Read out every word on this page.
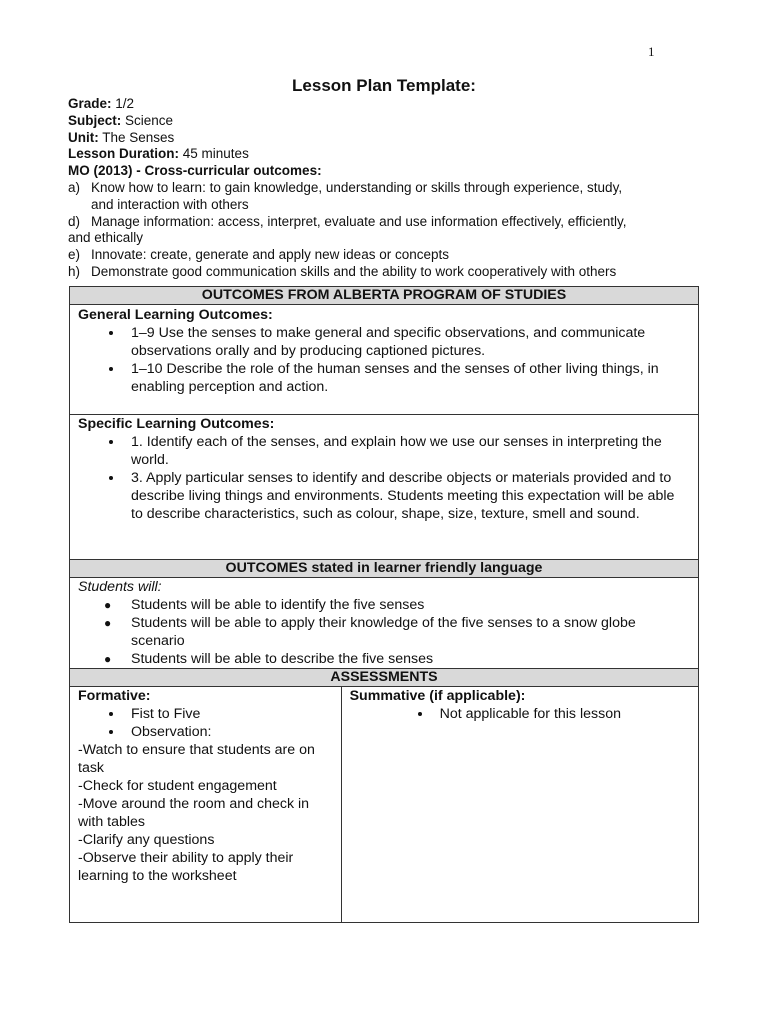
1
Lesson Plan Template:
Grade: 1/2
Subject: Science
Unit: The Senses
Lesson Duration: 45 minutes
MO (2013) - Cross-curricular outcomes:
a) Know how to learn: to gain knowledge, understanding or skills through experience, study,
and interaction with others
d) Manage information: access, interpret, evaluate and use information effectively, efficiently,
and ethically
e) Innovate: create, generate and apply new ideas or concepts
h) Demonstrate good communication skills and the ability to work cooperatively with others
OUTCOMES FROM ALBERTA PROGRAM OF STUDIES

General Learning Outcomes:
• 1–9 Use the senses to make general and specific observations, and communicate observations orally and by producing captioned pictures.
• 1–10 Describe the role of the human senses and the senses of other living things, in enabling perception and action.

Specific Learning Outcomes:
• 1. Identify each of the senses, and explain how we use our senses in interpreting the world.
• 3. Apply particular senses to identify and describe objects or materials provided and to describe living things and environments. Students meeting this expectation will be able to describe characteristics, such as colour, shape, size, texture, smell and sound.

OUTCOMES stated in learner friendly language

Students will:
● Students will be able to identify the five senses
● Students will be able to apply their knowledge of the five senses to a snow globe scenario
● Students will be able to describe the five senses

ASSESSMENTS

Formative:
• Fist to Five
• Observation:
-Watch to ensure that students are on task
-Check for student engagement
-Move around the room and check in with tables
-Clarify any questions
-Observe their ability to apply their learning to the worksheet

Summative (if applicable):
• Not applicable for this lesson
